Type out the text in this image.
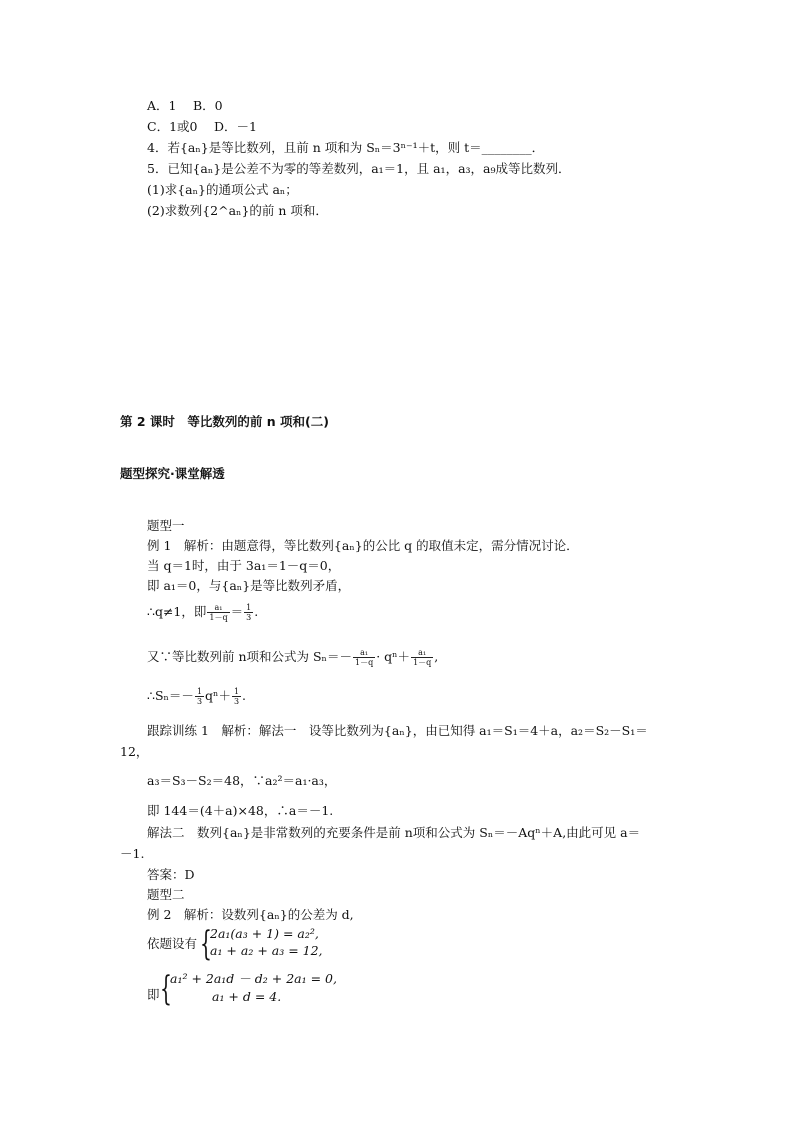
A．1　 B．0
C．1或0　 D．－1
4．若{aₙ}是等比数列，且前 n 项和为 Sₙ＝3ⁿ⁻¹＋t，则 t＝________．
5．已知{aₙ}是公差不为零的等差数列，a₁＝1，且 a₁，a₃，a₉成等比数列．
(1)求{aₙ}的通项公式 aₙ；
(2)求数列{2^aₙ}的前 n 项和．
第 2 课时　等比数列的前 n 项和(二)
题型探究·课堂解透
题型一
例 1　解析：由题意得，等比数列{aₙ}的公比 q 的取值未定，需分情况讨论．
当 q＝1时，由于 3a₁＝1－q＝0，
即 a₁＝0，与{aₙ}是等比数列矛盾，
∴q≠1，即 $\frac{\text{a₁}}{1-q} = \frac{1}{3}$ .
又∵等比数列前 n项和公式为 $S_n=- \frac{\text{a₁}}{1-q} \cdot q^n+ \frac{\text{a₁}}{1-q}$ ,
∴Sₙ＝－ $\frac{1}{3} q^n+ \frac{1}{3}$ .
跟踪训练 1　解析：解法一　设等比数列为{aₙ}，由已知得 a₁＝S₁＝4＋a，a₂＝S₂－S₁＝
12，
a₃＝S₃－S₂＝48，∵a₂²＝a₁·a₃，
即 144＝(4＋a)×48，∴a＝－1.
解法二　数列{aₙ}是非常数列的充要条件是前 n项和公式为 Sₙ＝－Aqⁿ＋A,由此可见 a＝
－1.
答案：D
题型二
例 2　解析：设数列{aₙ}的公差为 d,
依题设有 {
2a₁(a₃ + 1) = a₂²,
a₁ + a₂ + a₃ = 12,
即 {
a₁² + 2a₁d － d₂ + 2a₁ = 0,
a₁ + d = 4.
